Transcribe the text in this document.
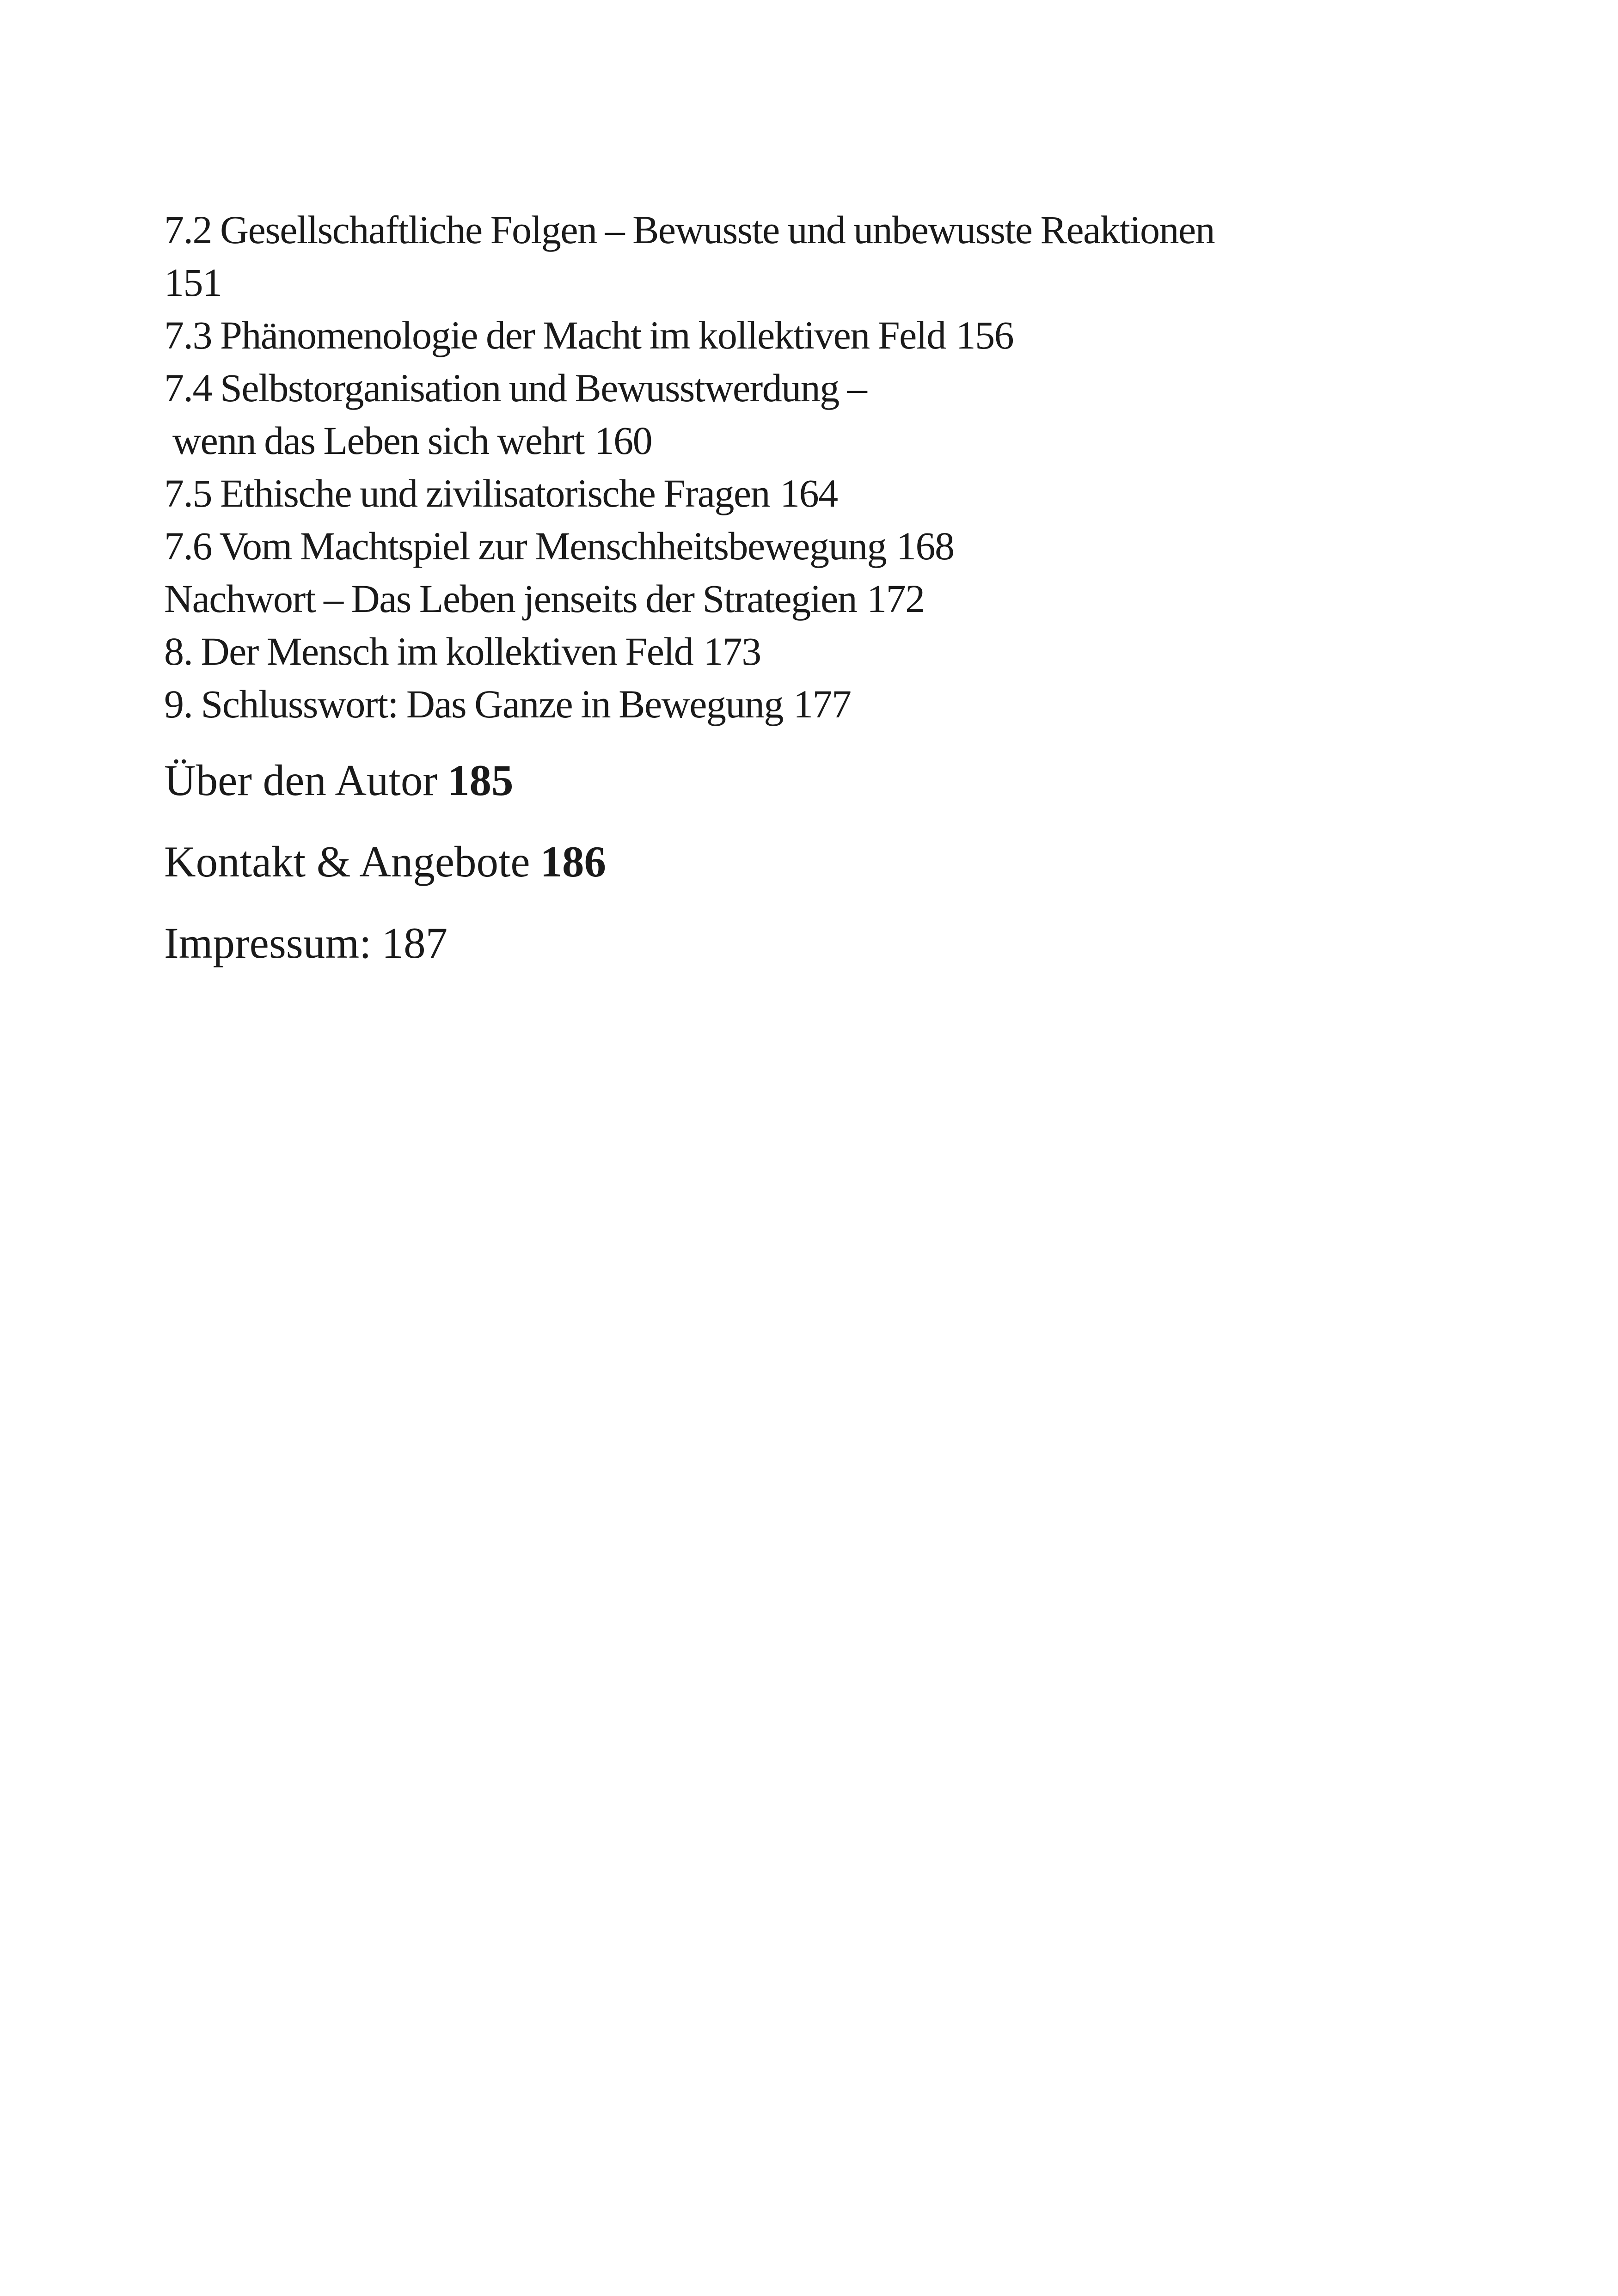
7.2 Gesellschaftliche Folgen – Bewusste und unbewusste Reaktionen
151
7.3 Phänomenologie der Macht im kollektiven Feld 156
7.4 Selbstorganisation und Bewusstwerdung –
wenn das Leben sich wehrt 160
7.5 Ethische und zivilisatorische Fragen 164
7.6 Vom Machtspiel zur Menschheitsbewegung 168
Nachwort – Das Leben jenseits der Strategien 172
8. Der Mensch im kollektiven Feld 173
9. Schlusswort: Das Ganze in Bewegung 177
Über den Autor 185
Kontakt & Angebote 186
Impressum: 187
